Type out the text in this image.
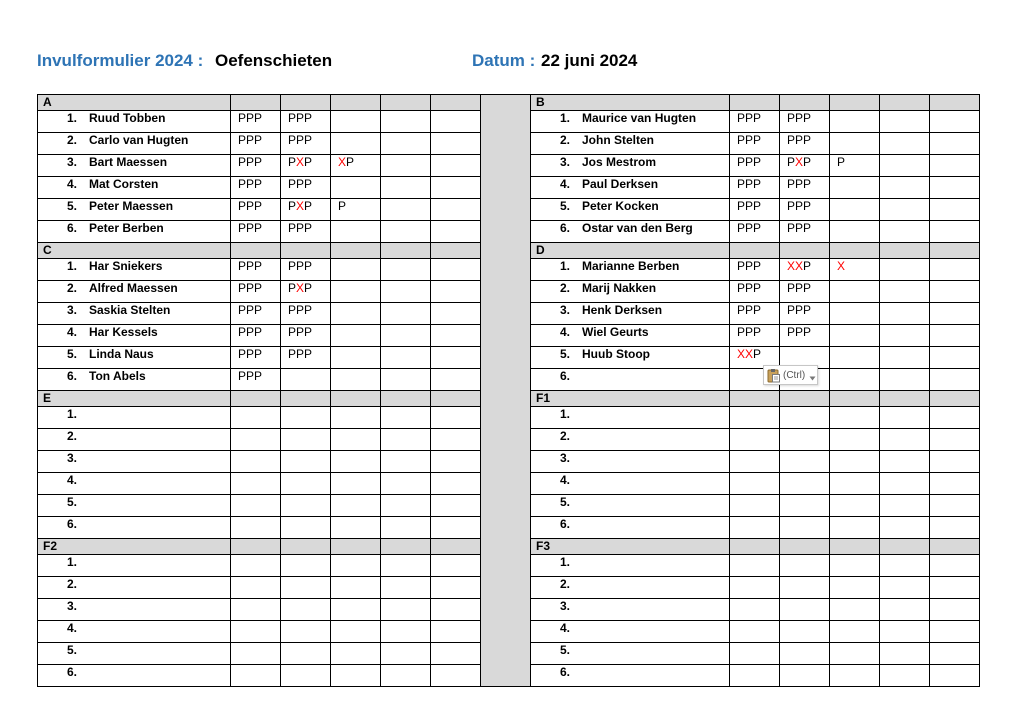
Invulformulier 2024 : Oefenschieten	Datum : 22 juni 2024
A
1. Ruud Tobben	PPP	PPP
2. Carlo van Hugten	PPP	PPP
3. Bart Maessen	PPP	PXP	XP
4. Mat Corsten	PPP	PPP
5. Peter Maessen	PPP	PXP	P
6. Peter Berben	PPP	PPP
C
1. Har Sniekers	PPP	PPP
2. Alfred Maessen	PPP	PXP
3. Saskia Stelten	PPP	PPP
4. Har Kessels	PPP	PPP
5. Linda Naus	PPP	PPP
6. Ton Abels	PPP
E
1.
2.
3.
4.
5.
6.
F2
1.
2.
3.
4.
5.
6.
B
1. Maurice van Hugten	PPP	PPP
2. John Stelten	PPP	PPP
3. Jos Mestrom	PPP	PXP	P
4. Paul Derksen	PPP	PPP
5. Peter Kocken	PPP	PPP
6. Ostar van den Berg	PPP	PPP
D
1. Marianne Berben	PPP	XXP	X
2. Marij Nakken	PPP	PPP
3. Henk Derksen	PPP	PPP
4. Wiel Geurts	PPP	PPP
5. Huub Stoop	XXP
6.
F1
1.
2.
3.
4.
5.
6.
F3
1.
2.
3.
4.
5.
6.
(Ctrl)
